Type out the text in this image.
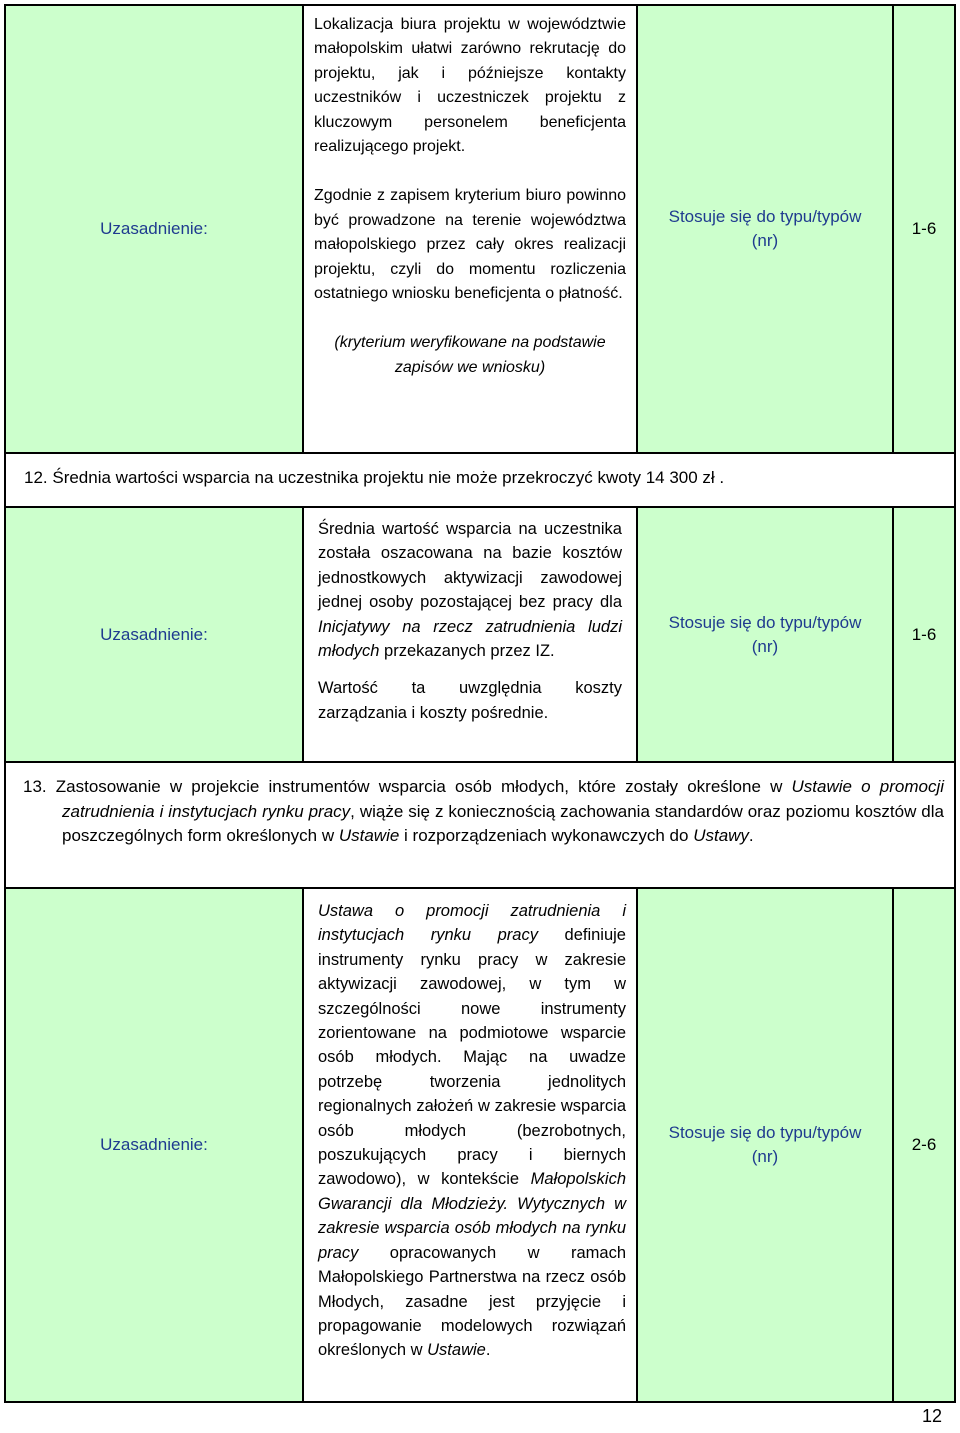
Uzasadnienie:

Lokalizacja biura projektu w województwie małopolskim ułatwi zarówno rekrutację do projektu, jak i późniejsze kontakty uczestników i uczestniczek projektu z kluczowym personelem beneficjenta realizującego projekt.

Zgodnie z zapisem kryterium biuro powinno być prowadzone na terenie województwa małopolskiego przez cały okres realizacji projektu, czyli do momentu rozliczenia ostatniego wniosku beneficjenta o płatność.

(kryterium weryfikowane na podstawie zapisów we wniosku)

Stosuje się do typu/typów (nr)
1-6
12. Średnia wartości wsparcia na uczestnika projektu nie może przekroczyć kwoty 14 300 zł .
Uzasadnienie:

Średnia wartość wsparcia na uczestnika została oszacowana na bazie kosztów jednostkowych aktywizacji zawodowej jednej osoby pozostającej bez pracy dla Inicjatywy na rzecz zatrudnienia ludzi młodych przekazanych przez IZ.

Wartość ta uwzględnia koszty zarządzania i koszty pośrednie.

Stosuje się do typu/typów (nr)
1-6
13. Zastosowanie w projekcie instrumentów wsparcia osób młodych, które zostały określone w Ustawie o promocji zatrudnienia i instytucjach rynku pracy, wiąże się z koniecznością zachowania standardów oraz poziomu kosztów dla poszczególnych form określonych w Ustawie i rozporządzeniach wykonawczych do Ustawy.
Uzasadnienie:

Ustawa o promocji zatrudnienia i instytucjach rynku pracy definiuje instrumenty rynku pracy w zakresie aktywizacji zawodowej, w tym w szczególności nowe instrumenty zorientowane na podmiotowe wsparcie osób młodych. Mając na uwadze potrzebę tworzenia jednolitych regionalnych założeń w zakresie wsparcia osób młodych (bezrobotnych, poszukujących pracy i biernych zawodowo), w kontekście Małopolskich Gwarancji dla Młodzieży. Wytycznych w zakresie wsparcia osób młodych na rynku pracy opracowanych w ramach Małopolskiego Partnerstwa na rzecz osób Młodych, zasadne jest przyjęcie i propagowanie modelowych rozwiązań określonych w Ustawie.

Stosuje się do typu/typów (nr)
2-6
12
